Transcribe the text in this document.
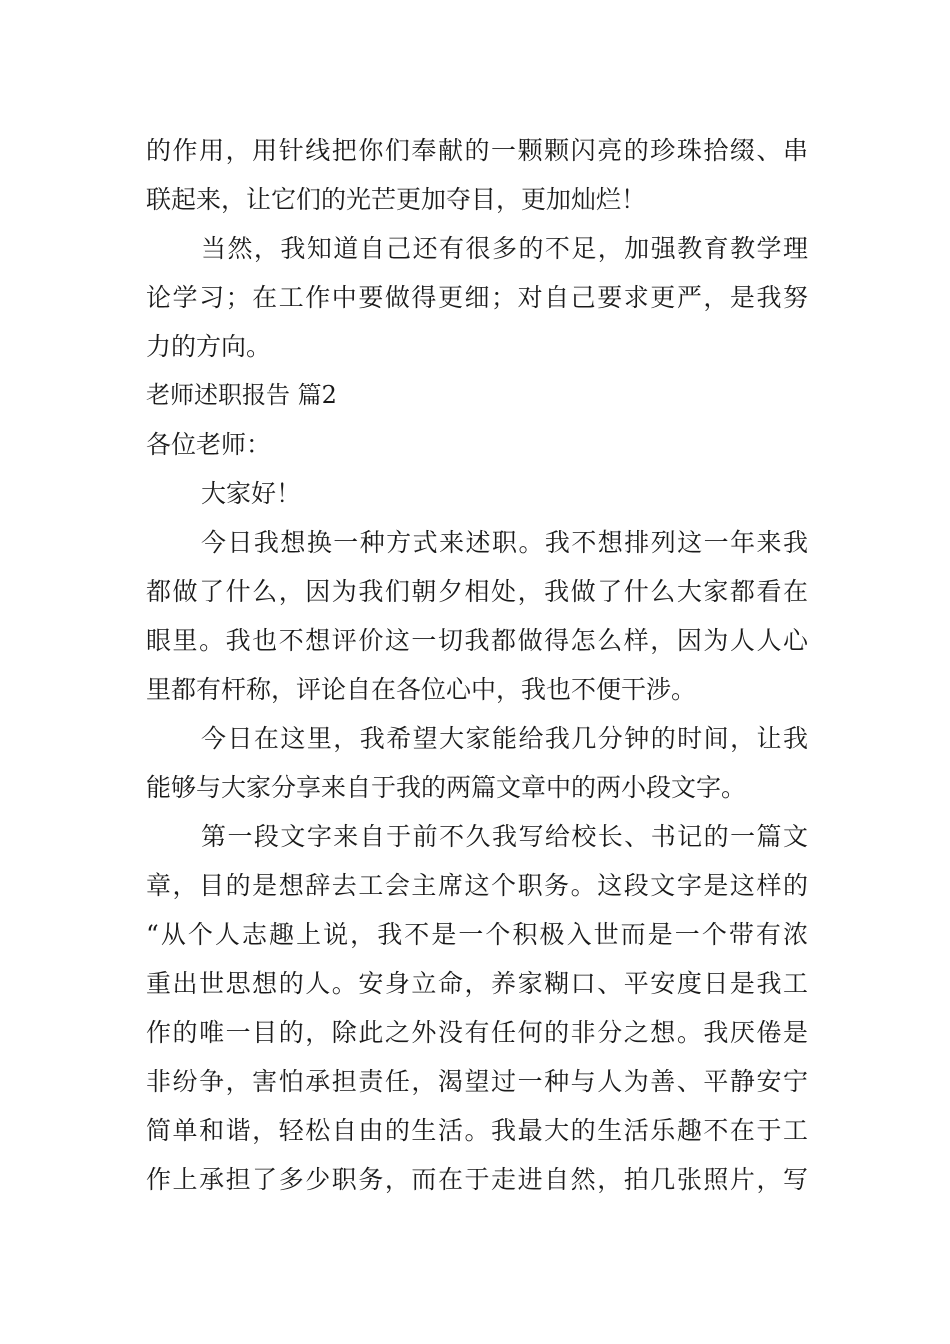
的作用，用针线把你们奉献的一颗颗闪亮的珍珠拾缀、串
联起来，让它们的光芒更加夺目，更加灿烂！
当然，我知道自己还有很多的不足，加强教育教学理
论学习；在工作中要做得更细；对自己要求更严，是我努
力的方向。
老师述职报告 篇2
各位老师：
大家好！
今日我想换一种方式来述职。我不想排列这一年来我
都做了什么，因为我们朝夕相处，我做了什么大家都看在
眼里。我也不想评价这一切我都做得怎么样，因为人人心
里都有杆称，评论自在各位心中，我也不便干涉。
今日在这里，我希望大家能给我几分钟的时间，让我
能够与大家分享来自于我的两篇文章中的两小段文字。
第一段文字来自于前不久我写给校长、书记的一篇文
章，目的是想辞去工会主席这个职务。这段文字是这样的
“从个人志趣上说，我不是一个积极入世而是一个带有浓
重出世思想的人。安身立命，养家糊口、平安度日是我工
作的唯一目的，除此之外没有任何的非分之想。我厌倦是
非纷争，害怕承担责任，渴望过一种与人为善、平静安宁
简单和谐，轻松自由的生活。我最大的生活乐趣不在于工
作上承担了多少职务，而在于走进自然，拍几张照片，写
